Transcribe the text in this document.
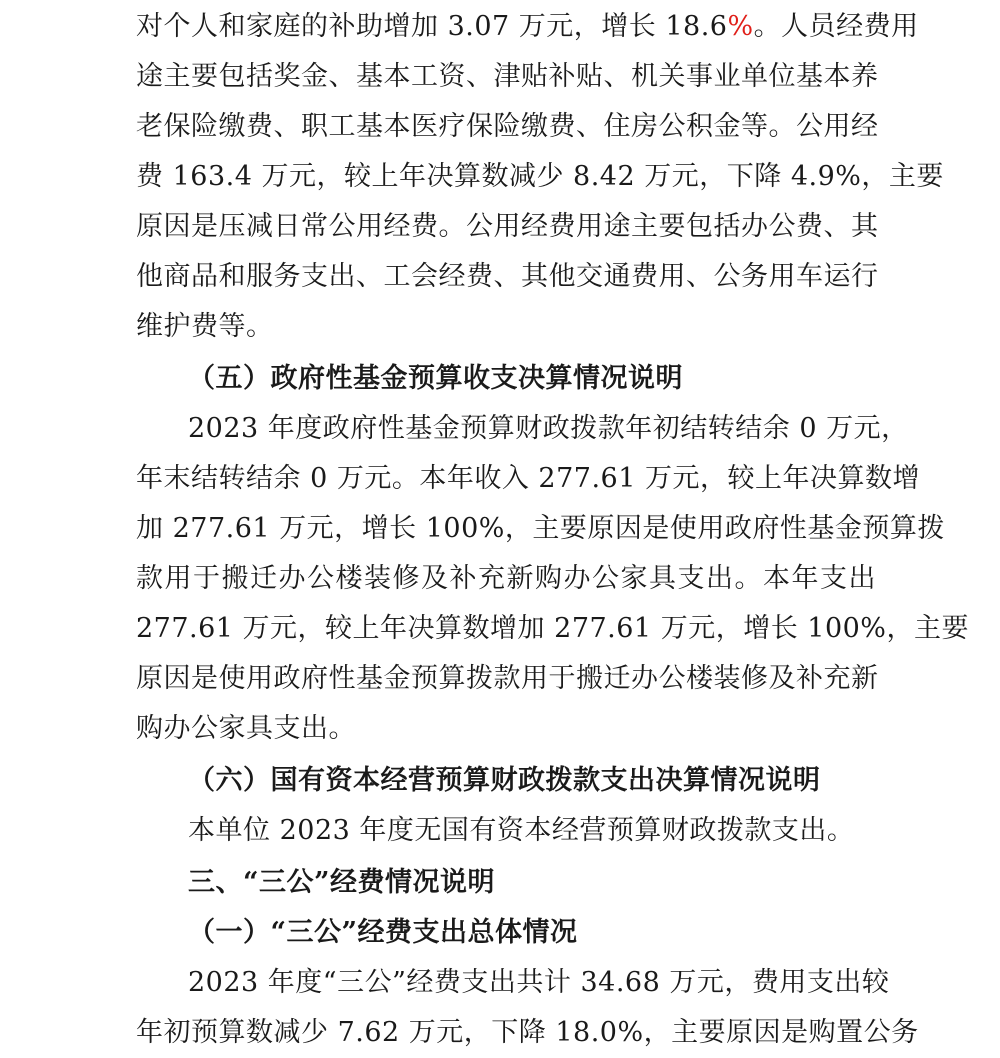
对个人和家庭的补助增加 3.07 万元，增长 18.6%。人员经费用
途主要包括奖金、基本工资、津贴补贴、机关事业单位基本养
老保险缴费、职工基本医疗保险缴费、住房公积金等。公用经
费 163.4 万元，较上年决算数减少 8.42 万元，下降 4.9%，主要
原因是压减日常公用经费。公用经费用途主要包括办公费、其
他商品和服务支出、工会经费、其他交通费用、公务用车运行
维护费等。
（五）政府性基金预算收支决算情况说明
2023 年度政府性基金预算财政拨款年初结转结余 0 万元，
年末结转结余 0 万元。本年收入 277.61 万元，较上年决算数增
加 277.61 万元，增长 100%，主要原因是使用政府性基金预算拨
款用于搬迁办公楼装修及补充新购办公家具支出。本年支出
277.61 万元，较上年决算数增加 277.61 万元，增长 100%，主要
原因是使用政府性基金预算拨款用于搬迁办公楼装修及补充新
购办公家具支出。
（六）国有资本经营预算财政拨款支出决算情况说明
本单位 2023 年度无国有资本经营预算财政拨款支出。
三、“三公”经费情况说明
（一）“三公”经费支出总体情况
2023 年度“三公”经费支出共计 34.68 万元，费用支出较
年初预算数减少 7.62 万元，下降 18.0%，主要原因是购置公务
